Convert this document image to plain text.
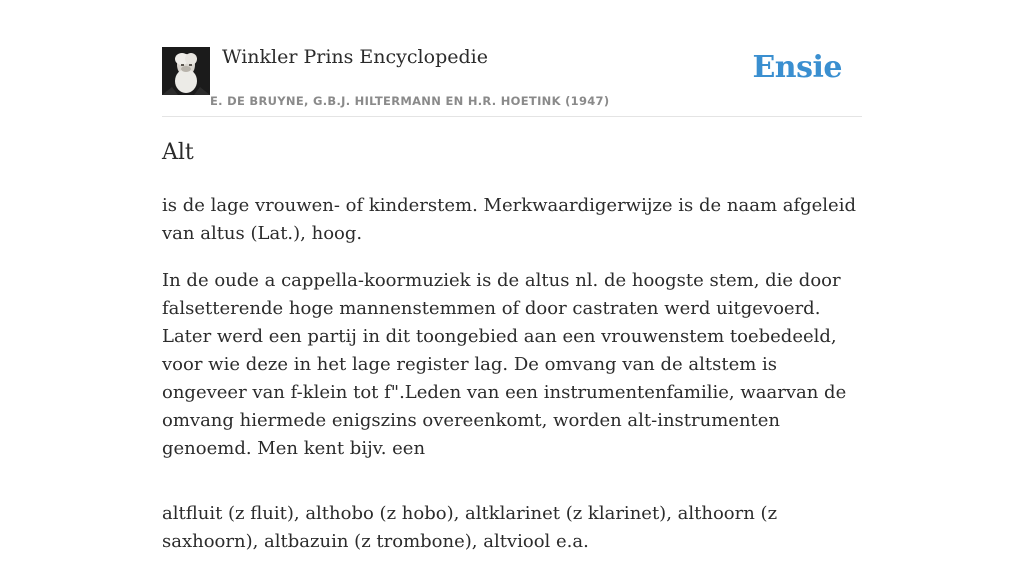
Winkler Prins Encyclopedie
E. DE BRUYNE, G.B.J. HILTERMANN EN H.R. HOETINK (1947)
Ensie
Alt

is de lage vrouwen- of kinderstem. Merkwaardigerwijze is de naam afgeleid van altus (Lat.), hoog.

In de oude a cappella-koormuziek is de altus nl. de hoogste stem, die door falsetterende hoge mannenstemmen of door castraten werd uitgevoerd. Later werd een partij in dit toongebied aan een vrouwenstem toebedeeld, voor wie deze in het lage register lag. De omvang van de altstem is ongeveer van f-klein tot f".Leden van een instrumentenfamilie, waarvan de omvang hiermede enigszins overeenkomt, worden alt-instrumenten genoemd. Men kent bijv. een

altfluit (z fluit), althobo (z hobo), altklarinet (z klarinet), althoorn (z saxhoorn), altbazuin (z trombone), altviool e.a.
